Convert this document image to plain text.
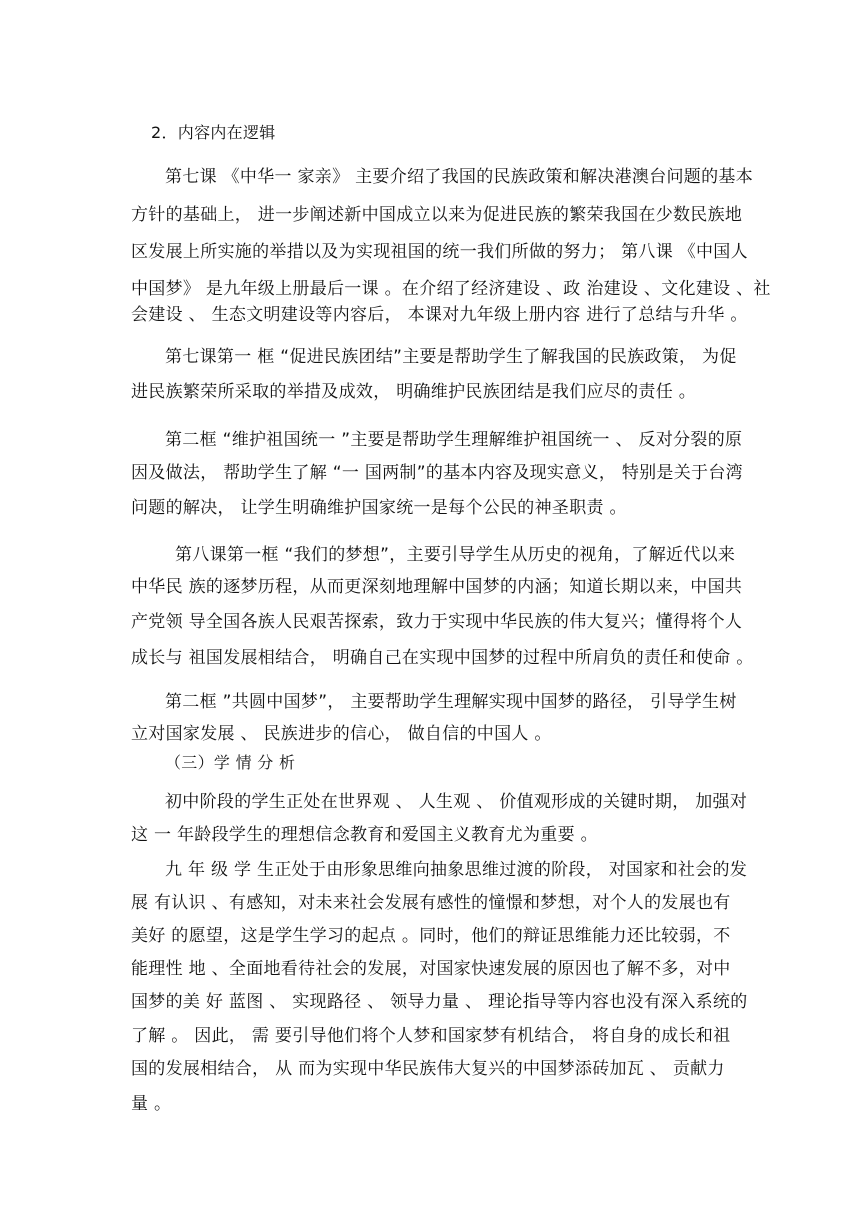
2．内容内在逻辑
第七课 《中华一 家亲》 主要介绍了我国的民族政策和解决港澳台问题的基本
方针的基础上， 进一步阐述新中国成立以来为促进民族的繁荣我国在少数民族地
区发展上所实施的举措以及为实现祖国的统一我们所做的努力； 第八课 《中国人
中国梦》 是九年级上册最后一课 。在介绍了经济建设 、政 治建设 、文化建设 、社
会建设 、 生态文明建设等内容后， 本课对九年级上册内容 进行了总结与升华 。
第七课第一 框 “促进民族团结”主要是帮助学生了解我国的民族政策， 为促
进民族繁荣所采取的举措及成效， 明确维护民族团结是我们应尽的责任 。
第二框 “维护祖国统一 ”主要是帮助学生理解维护祖国统一 、 反对分裂的原
因及做法， 帮助学生了解 “一 国两制”的基本内容及现实意义， 特别是关于台湾
问题的解决， 让学生明确维护国家统一是每个公民的神圣职责 。
第八课第一框 “我们的梦想”，主要引导学生从历史的视角，了解近代以来
中华民 族的逐梦历程，从而更深刻地理解中国梦的内涵；知道长期以来，中国共
产党领 导全国各族人民艰苦探索，致力于实现中华民族的伟大复兴；懂得将个人
成长与 祖国发展相结合， 明确自己在实现中国梦的过程中所肩负的责任和使命 。
第二框 ”共圆中国梦”， 主要帮助学生理解实现中国梦的路径， 引导学生树
立对国家发展 、 民族进步的信心， 做自信的中国人 。
（三）学 情 分 析
初中阶段的学生正处在世界观 、 人生观 、 价值观形成的关键时期， 加强对
这 一 年龄段学生的理想信念教育和爱国主义教育尤为重要 。
九 年 级 学 生正处于由形象思维向抽象思维过渡的阶段， 对国家和社会的发
展 有认识 、有感知，对未来社会发展有感性的憧憬和梦想，对个人的发展也有
美好 的愿望，这是学生学习的起点 。同时，他们的辩证思维能力还比较弱，不
能理性 地 、全面地看待社会的发展，对国家快速发展的原因也了解不多，对中
国梦的美 好 蓝图 、 实现路径 、 领导力量 、 理论指导等内容也没有深入系统的
了解 。 因此， 需 要引导他们将个人梦和国家梦有机结合， 将自身的成长和祖
国的发展相结合， 从 而为实现中华民族伟大复兴的中国梦添砖加瓦 、 贡献力
量 。
